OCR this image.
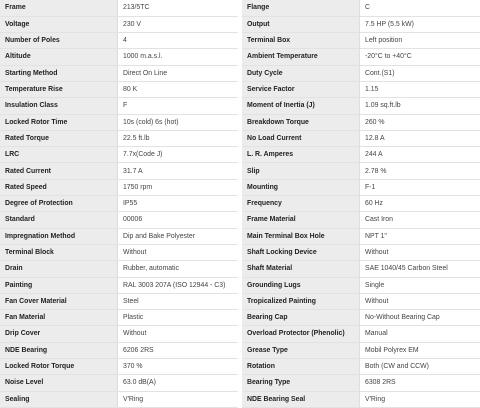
Frame	213/5TC
Voltage	230 V
Number of Poles	4
Altitude	1000 m.a.s.l.
Starting Method	Direct On Line
Temperature Rise	80 K
Insulation Class	F
Locked Rotor Time	10s (cold) 6s (hot)
Rated Torque	22.5 ft.lb
LRC	7.7x(Code J)
Rated Current	31.7 A
Rated Speed	1750 rpm
Degree of Protection	IP55
Standard	00006
Impregnation Method	Dip and Bake Polyester
Terminal Block	Without
Drain	Rubber, automatic
Painting	RAL 3003 207A (ISO 12944 - C3)
Fan Cover Material	Steel
Fan Material	Plastic
Drip Cover	Without
NDE Bearing	6206 2RS
Locked Rotor Torque	370 %
Noise Level	63.0 dB(A)
Sealing	V'Ring
Flange	C
Output	7.5 HP (5.5 kW)
Terminal Box	Left position
Ambient Temperature	-20°C to +40°C
Duty Cycle	Cont.(S1)
Service Factor	1.15
Moment of Inertia (J)	1.09 sq.ft.lb
Breakdown Torque	260 %
No Load Current	12.8 A
L. R. Amperes	244 A
Slip	2.78 %
Mounting	F-1
Frequency	60 Hz
Frame Material	Cast Iron
Main Terminal Box Hole	NPT 1"
Shaft Locking Device	Without
Shaft Material	SAE 1040/45 Carbon Steel
Grounding Lugs	Single
Tropicalized Painting	Without
Bearing Cap	No-Without Bearing Cap
Overload Protector (Phenolic)	Manual
Grease Type	Mobil Polyrex EM
Rotation	Both (CW and CCW)
Bearing Type	6308 2RS
NDE Bearing Seal	V'Ring
